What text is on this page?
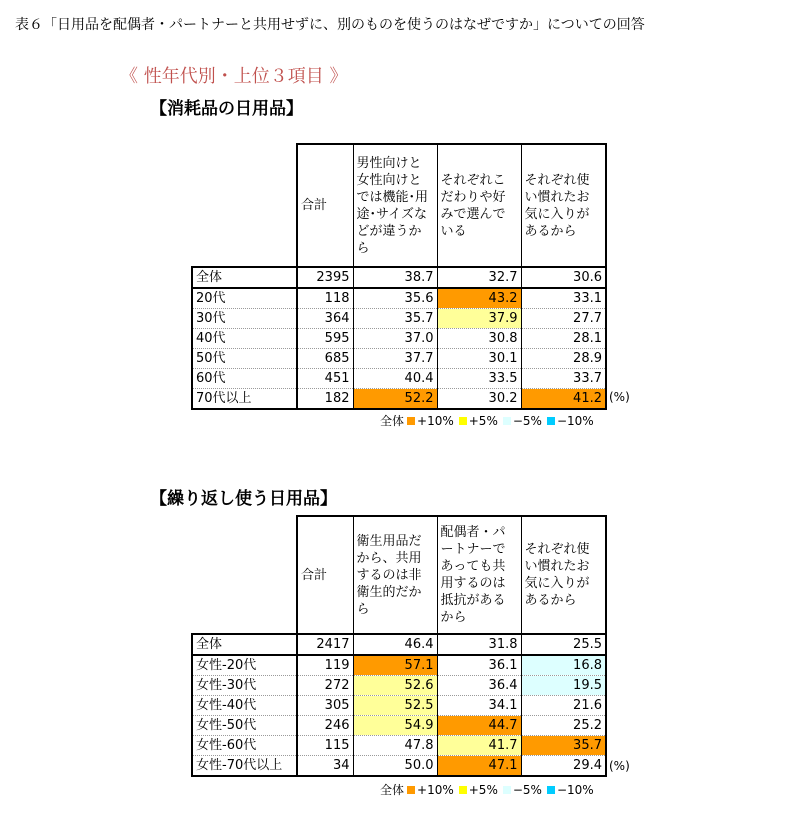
表６「日用品を配偶者・パートナーと共用せずに、別のものを使うのはなぜですか」についての回答
《 性年代別・上位３項目 》
【消耗品の日用品】
	合計	男性向けと女性向けとでは機能･用途･サイズなどが違うから	それぞれこだわりや好みで選んでいる	それぞれ使い慣れたお気に入りがあるから
全体	2395	38.7	32.7	30.6
20代	118	35.6	43.2	33.1
30代	364	35.7	37.9	27.7
40代	595	37.0	30.8	28.1
50代	685	37.7	30.1	28.9
60代	451	40.4	33.5	33.7
70代以上	182	52.2	30.2	41.2 (%)
全体 +10% +5% −5% −10%
【繰り返し使う日用品】
	合計	衛生用品だから、共用するのは非衛生的だから	配偶者・パートナーであっても共用するのは抵抗があるから	それぞれ使い慣れたお気に入りがあるから
全体	2417	46.4	31.8	25.5
女性-20代	119	57.1	36.1	16.8
女性-30代	272	52.6	36.4	19.5
女性-40代	305	52.5	34.1	21.6
女性-50代	246	54.9	44.7	25.2
女性-60代	115	47.8	41.7	35.7
女性-70代以上	34	50.0	47.1	29.4 (%)
全体 +10% +5% −5% −10%
